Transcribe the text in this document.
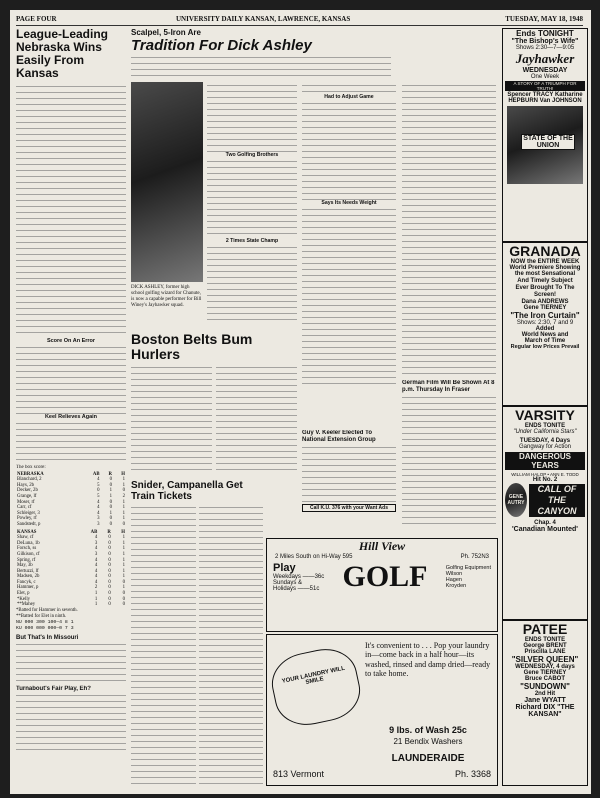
PAGE FOUR	UNIVERSITY DAILY KANSAN, LAWRENCE, KANSAS	TUESDAY, MAY 18, 1948
League-Leading Nebraska Wins Easily From Kansas
Score On An Error
Keel Relieves Again
The box score:
NEBRASKA	AB	R	H
Blanchard, 2	4	0	1
Hays, 2b	5	0	1
Decker, 2b	0	1	0
Grange, lf	5	1	2
Moser, rf	4	0	1
Carr, cf	4	0	1
Schleiger, 3	4	1	1
Powley, rf	3	0	1
Sandstedt, p	3	0	0
KANSAS	AB	R	H
Shaw, cf	4	0	1
DeLuna, 1b	3	0	1
Forsch, ss	4	0	1
Gilkison, cf	3	0	1
Spring, rf	4	0	1
May, 3b	4	0	1
Bertuzzi, lf	4	0	1
Madsen, 2b	4	0	1
Fancyk, c	4	0	0
Hammer, p	2	0	1
Elet, p	1	0	0
*Kelly	1	0	0
**Mahey	1	0	0
*Batted for Hammer in seventh.
**Batted for Elet in ninth.
NU 000 300 100—4 8 1
KU 000 000 000—0 7 3
But That's In Missouri
Turnabout's Fair Play, Eh?
Scalpel, 5-Iron Are
Tradition For Dick Ashley
DICK ASHLEY, former high school golfing wizard for Chanute, is now a capable performer for Bill Winey's Jayhawker squad.
Two Golfing Brothers
2 Times State Champ
Had to Adjust Game
Says Its Needs Weight
Boston Belts Bum Hurlers
Snider, Campanella Get Train Tickets
Guy V. Keeler Elected To National Extension Group
Call K.U. 376 with your Want Ads
German Film Will Be Shown At 8 p.m. Thursday In Fraser
Hill View
2 Miles South on Hi-Way 595	Ph. 752N3
Play
Weekdays ——36c
Sundays &
Holidays ——51c GOLF	Golfing Equipment
Wilson
Hagen
Kroyden
YOUR LAUNDRY WILL SMILE
It's convenient to . . . Pop your laundry in—come back in a half hour—its washed, rinsed and damp dried—ready to take home.
9 lbs. of Wash 25c
21 Bendix Washers
LAUNDERAIDE
813 Vermont	Ph. 3368
Ends TONIGHT
"The Bishop's Wife"
Shows 2:30—7—9:05
Jayhawker
WEDNESDAY
One Week
A STORY OF A TRIUMPH FOR TRUTH!
Spencer TRACY Katharine HEPBURN Van JOHNSON
STATE OF THE UNION
GRANADA
NOW the ENTIRE WEEK
World Premiere Showing
the most Sensational And Timely Subject Ever Brought To The Screen!
Dana ANDREWS
Gene TIERNEY
"The Iron Curtain"
Shows: 2:30, 7 and 9
Added
World News and March of Time
Regular low Prices Prevail
VARSITY
ENDS TONITE
"Under California Stars"
TUESDAY, 4 Days
Gangway for Action
DANGEROUS YEARS
WILLIAM HALOP • ANN E. TODD
Hit No. 2
GENE AUTRY
CALL OF THE CANYON
Chap. 4
'Canadian Mounted'
PATEE
ENDS TONITE
George BRENT Priscilla LANE
"SILVER QUEEN"
WEDNESDAY, 4 days
Gene TIERNEY Bruce CABOT
"SUNDOWN"
2nd Hit
Jane WYATT Richard DIX "THE KANSAN"
